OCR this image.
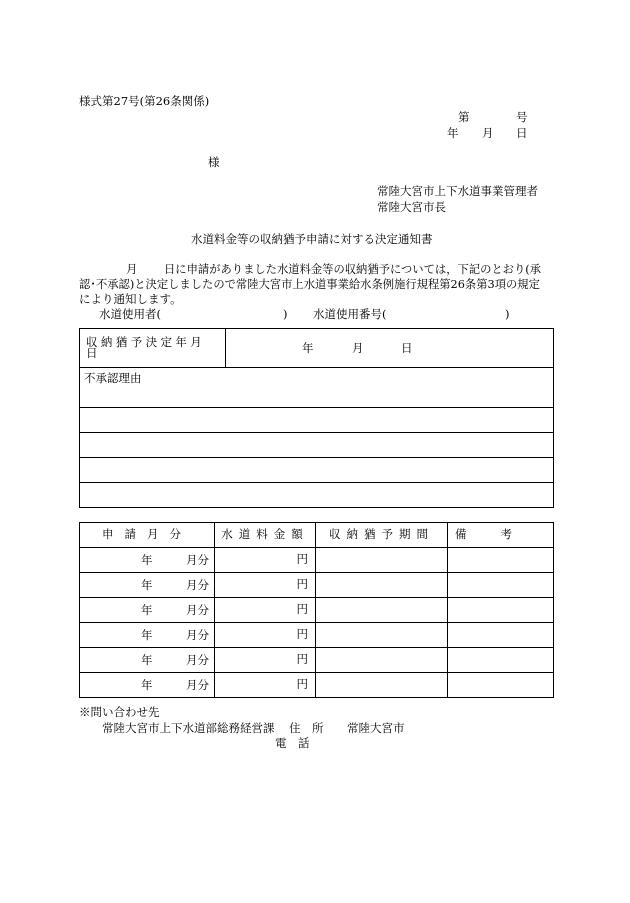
様式第27号(第26条関係)
第	号
年 月 日
様
常陸大宮市上下水道事業管理者
常陸大宮市長
水道料金等の収納猶予申請に対する決定通知書
月 日に申請がありました水道料金等の収納猶予については，下記のとおり(承
認･不承認)と決定しましたので常陸大宮市上水道事業給水条例施行規程第26条第3項の規定
により通知します。
水道使用者(	) 水道使用番号(	)
収納猶予決定年月日	年	月	日

不承認理由

申請月分	水道料金額	収納猶予期間	備考

年 月分	円		

年 月分	円		

年 月分	円		

年 月分	円		

年 月分	円		

年 月分	円		
※問い合わせ先
常陸大宮市上下水道部総務経営課 住　所 常陸大宮市
電　話
